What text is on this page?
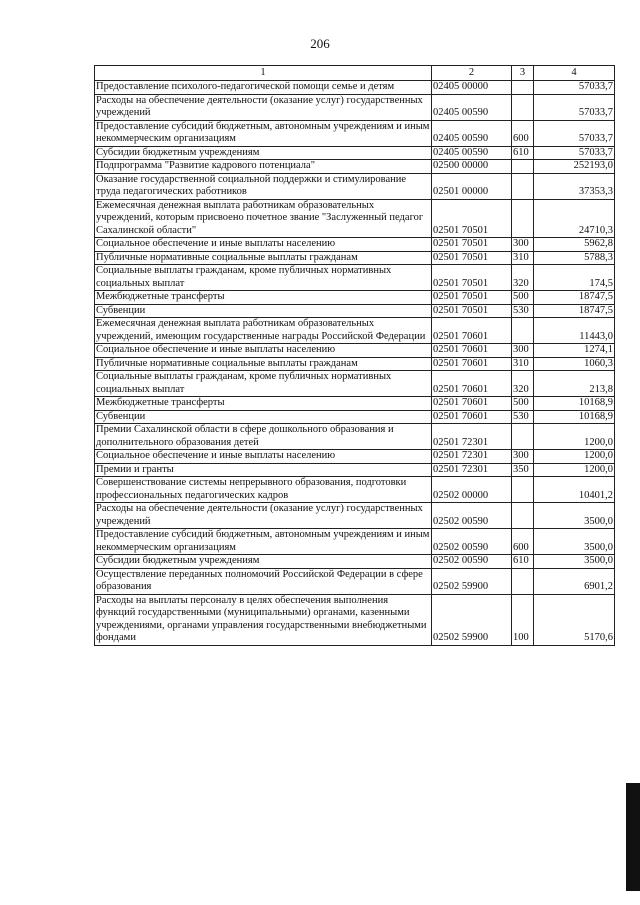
206
1	2	3	4
Предоставление психолого-педагогической помощи семье и детям	02405 00000		57033,7
Расходы на обеспечение деятельности (оказание услуг) государственных учреждений	02405 00590		57033,7
Предоставление субсидий бюджетным, автономным учреждениям и иным некоммерческим организациям	02405 00590	600	57033,7
Субсидии бюджетным учреждениям	02405 00590	610	57033,7
Подпрограмма "Развитие кадрового потенциала"	02500 00000		252193,0
Оказание государственной социальной поддержки и стимулирование труда педагогических работников	02501 00000		37353,3
Ежемесячная денежная выплата работникам образовательных учреждений, которым присвоено почетное звание "Заслуженный педагог Сахалинской области"	02501 70501		24710,3
Социальное обеспечение и иные выплаты населению	02501 70501	300	5962,8
Публичные нормативные социальные выплаты гражданам	02501 70501	310	5788,3
Социальные выплаты гражданам, кроме публичных нормативных социальных выплат	02501 70501	320	174,5
Межбюджетные трансферты	02501 70501	500	18747,5
Субвенции	02501 70501	530	18747,5
Ежемесячная денежная выплата работникам образовательных учреждений, имеющим государственные награды Российской Федерации	02501 70601		11443,0
Социальное обеспечение и иные выплаты населению	02501 70601	300	1274,1
Публичные нормативные социальные выплаты гражданам	02501 70601	310	1060,3
Социальные выплаты гражданам, кроме публичных нормативных социальных выплат	02501 70601	320	213,8
Межбюджетные трансферты	02501 70601	500	10168,9
Субвенции	02501 70601	530	10168,9
Премии Сахалинской области в сфере дошкольного образования и дополнительного образования детей	02501 72301		1200,0
Социальное обеспечение и иные выплаты населению	02501 72301	300	1200,0
Премии и гранты	02501 72301	350	1200,0
Совершенствование системы непрерывного образования, подготовки профессиональных педагогических кадров	02502 00000		10401,2
Расходы на обеспечение деятельности (оказание услуг) государственных учреждений	02502 00590		3500,0
Предоставление субсидий бюджетным, автономным учреждениям и иным некоммерческим организациям	02502 00590	600	3500,0
Субсидии бюджетным учреждениям	02502 00590	610	3500,0
Осуществление переданных полномочий Российской Федерации в сфере образования	02502 59900		6901,2
Расходы на выплаты персоналу в целях обеспечения выполнения функций государственными (муниципальными) органами, казенными учреждениями, органами управления государственными внебюджетными фондами	02502 59900	100	5170,6
